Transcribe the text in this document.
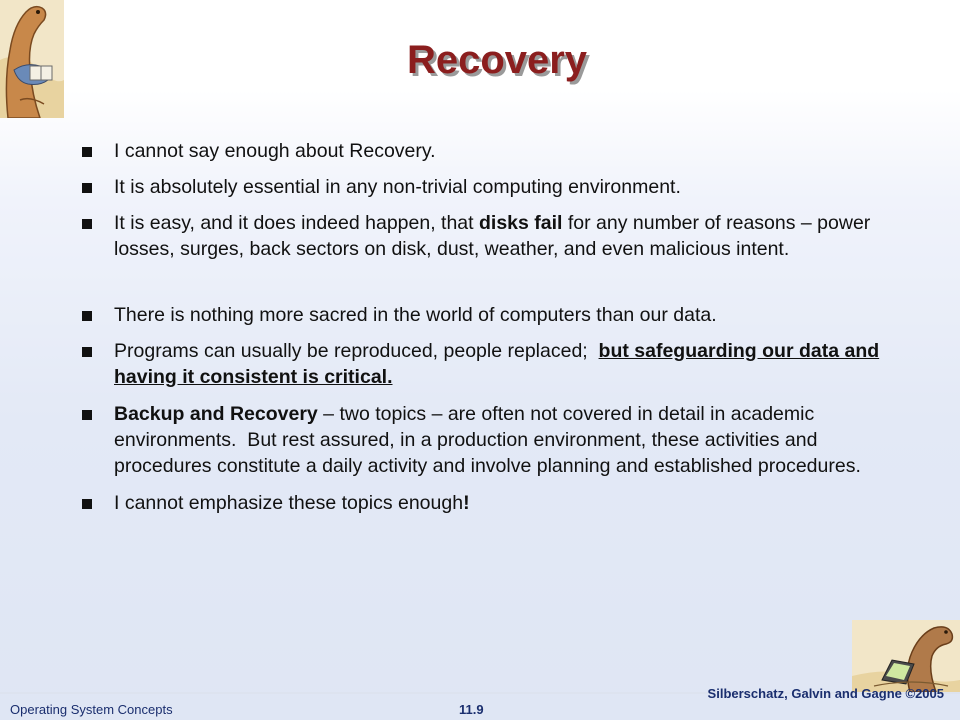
Recovery
I cannot say enough about Recovery.
It is absolutely essential in any non-trivial computing environment.
It is easy, and it does indeed happen, that disks fail for any number of reasons – power losses, surges, back sectors on disk, dust, weather, and even malicious intent.
There is nothing more sacred in the world of computers than our data.
Programs can usually be reproduced, people replaced;  but safeguarding our data and having it consistent is critical.
Backup and Recovery – two topics – are often not covered in detail in academic environments.  But rest assured, in a production environment, these activities and procedures constitute a daily activity and involve planning and established procedures.
I cannot emphasize these topics enough!
Operating System Concepts	11.9
Silberschatz, Galvin and Gagne ©2005
